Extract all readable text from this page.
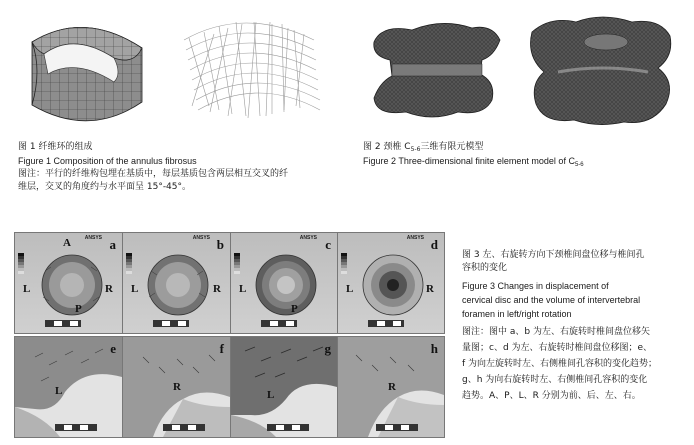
图 1 纤维环的组成
Figure 1 Composition of the annulus fibrosus
图注：平行的纤维构包埋在基质中，每层基质包含两层相互交叉的纤
维层，交叉的角度约与水平面呈 15°-45°。
图 2 颈椎 $C_{5-6}$三维有限元模型
Figure 2 Three-dimensional finite element model of $C_{5-6}$
ANSYS
A
L	R
P
a	ANSYS
L	R
b	ANSYS
L
P
c	ANSYS
L	R
d
L
e
R
f
L
g
R
h
图 3 左、右旋转方向下颈椎间盘位移与椎间孔
容积的变化
Figure 3 Changes in displacement of
cervical disc and the volume of intervertebral
foramen in left/right rotation
图注：图中 a、b 为左、右旋转时椎间盘位移矢
量图；c、d 为左、右旋转时椎间盘位移图；e、
f 为向左旋转时左、右侧椎间孔容积的变化趋势；
g、h 为向右旋转时左、右侧椎间孔容积的变化
趋势。A、P、L、R 分别为前、后、左、右。
